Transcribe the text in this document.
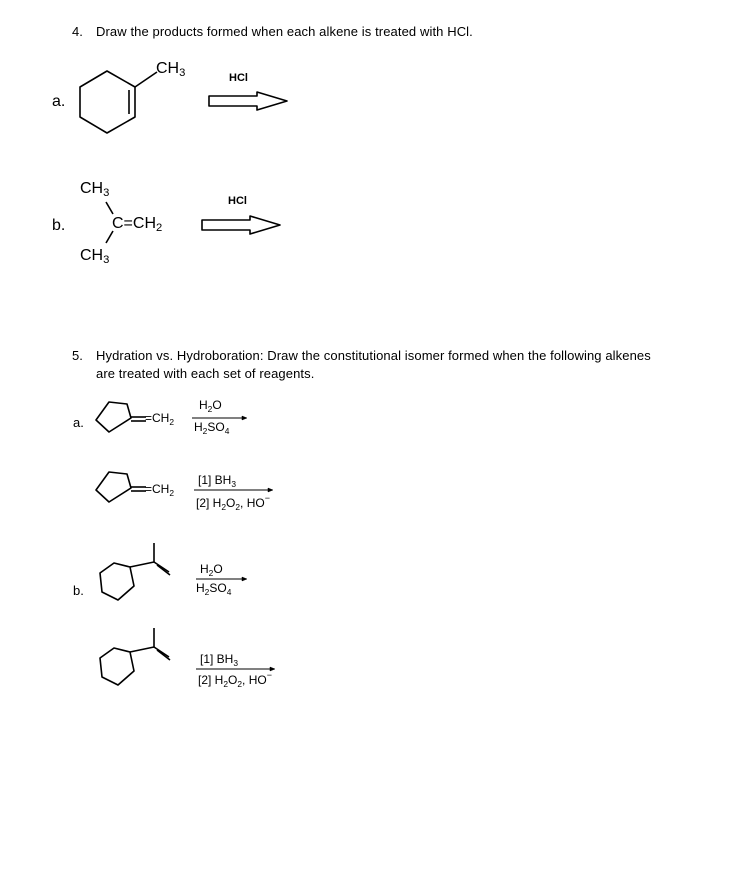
4. Draw the products formed when each alkene is treated with HCl.
a.
$CH_3$	HCl
b.
$CH_3$
$C=CH_2$
$CH_3$
HCl
5. Hydration vs. Hydroboration: Draw the constitutional isomer formed when the following alkenes
are treated with each set of reagents.
a.	$=CH_2$
$=CH_2$
$H_2O$
$H_2SO_4$
[1] $BH_3$
[2] $H_2O_2$, HO−
b.
$H_2O$
$H_2SO_4$
[1] $BH_3$
[2] $H_2O_2$, HO−
